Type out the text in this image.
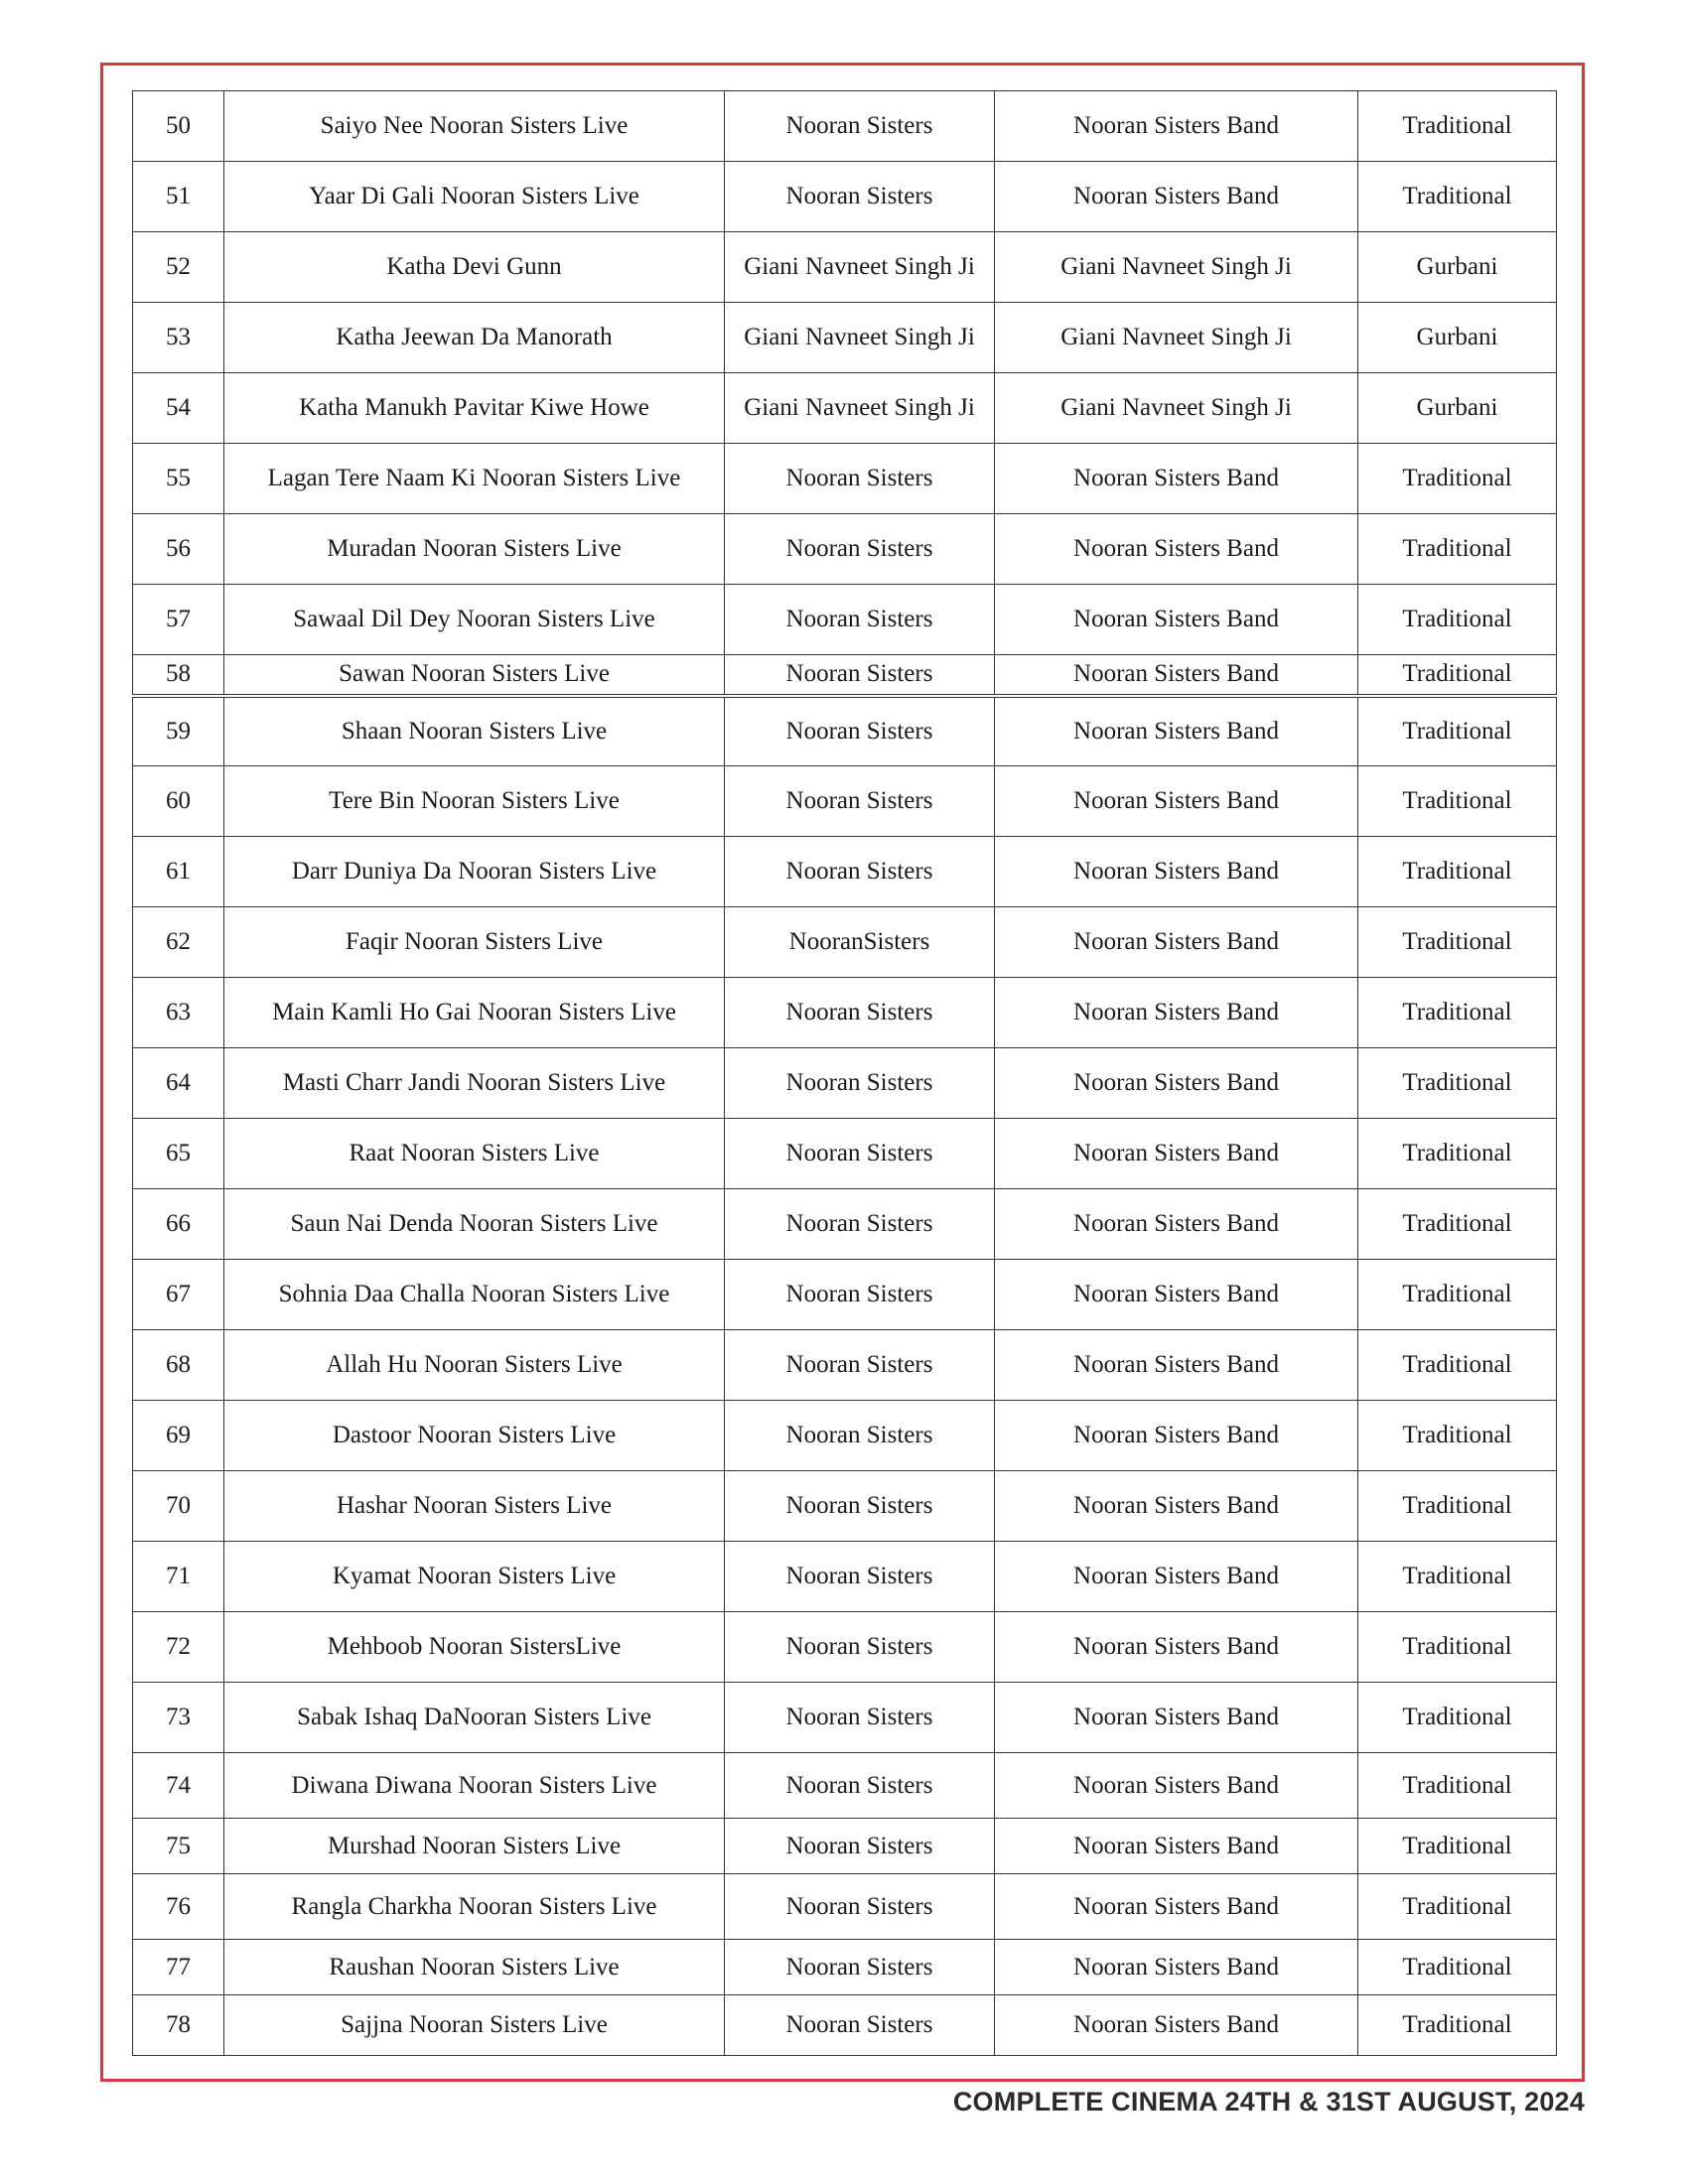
50	Saiyo Nee Nooran Sisters Live	Nooran Sisters	Nooran Sisters Band	Traditional
51	Yaar Di Gali Nooran Sisters Live	Nooran Sisters	Nooran Sisters Band	Traditional
52	Katha Devi Gunn	Giani Navneet Singh Ji	Giani Navneet Singh Ji	Gurbani
53	Katha Jeewan Da Manorath	Giani Navneet Singh Ji	Giani Navneet Singh Ji	Gurbani
54	Katha Manukh Pavitar Kiwe Howe	Giani Navneet Singh Ji	Giani Navneet Singh Ji	Gurbani
55	Lagan Tere Naam Ki Nooran Sisters Live	Nooran Sisters	Nooran Sisters Band	Traditional
56	Muradan Nooran Sisters Live	Nooran Sisters	Nooran Sisters Band	Traditional
57	Sawaal Dil Dey Nooran Sisters Live	Nooran Sisters	Nooran Sisters Band	Traditional
58	Sawan Nooran Sisters Live	Nooran Sisters	Nooran Sisters Band	Traditional
59	Shaan Nooran Sisters Live	Nooran Sisters	Nooran Sisters Band	Traditional
60	Tere Bin Nooran Sisters Live	Nooran Sisters	Nooran Sisters Band	Traditional
61	Darr Duniya Da Nooran Sisters Live	Nooran Sisters	Nooran Sisters Band	Traditional
62	Faqir Nooran Sisters Live	NooranSisters	Nooran Sisters Band	Traditional
63	Main Kamli Ho Gai Nooran Sisters Live	Nooran Sisters	Nooran Sisters Band	Traditional
64	Masti Charr Jandi Nooran Sisters Live	Nooran Sisters	Nooran Sisters Band	Traditional
65	Raat Nooran Sisters Live	Nooran Sisters	Nooran Sisters Band	Traditional
66	Saun Nai Denda Nooran Sisters Live	Nooran Sisters	Nooran Sisters Band	Traditional
67	Sohnia Daa Challa Nooran Sisters Live	Nooran Sisters	Nooran Sisters Band	Traditional
68	Allah Hu Nooran Sisters Live	Nooran Sisters	Nooran Sisters Band	Traditional
69	Dastoor Nooran Sisters Live	Nooran Sisters	Nooran Sisters Band	Traditional
70	Hashar Nooran Sisters Live	Nooran Sisters	Nooran Sisters Band	Traditional
71	Kyamat Nooran Sisters Live	Nooran Sisters	Nooran Sisters Band	Traditional
72	Mehboob Nooran SistersLive	Nooran Sisters	Nooran Sisters Band	Traditional
73	Sabak Ishaq DaNooran Sisters Live	Nooran Sisters	Nooran Sisters Band	Traditional
74	Diwana Diwana Nooran Sisters Live	Nooran Sisters	Nooran Sisters Band	Traditional
75	Murshad Nooran Sisters Live	Nooran Sisters	Nooran Sisters Band	Traditional
76	Rangla Charkha Nooran Sisters Live	Nooran Sisters	Nooran Sisters Band	Traditional
77	Raushan Nooran Sisters Live	Nooran Sisters	Nooran Sisters Band	Traditional
78	Sajjna Nooran Sisters Live	Nooran Sisters	Nooran Sisters Band	Traditional
COMPLETE CINEMA 24TH & 31ST AUGUST, 2024
